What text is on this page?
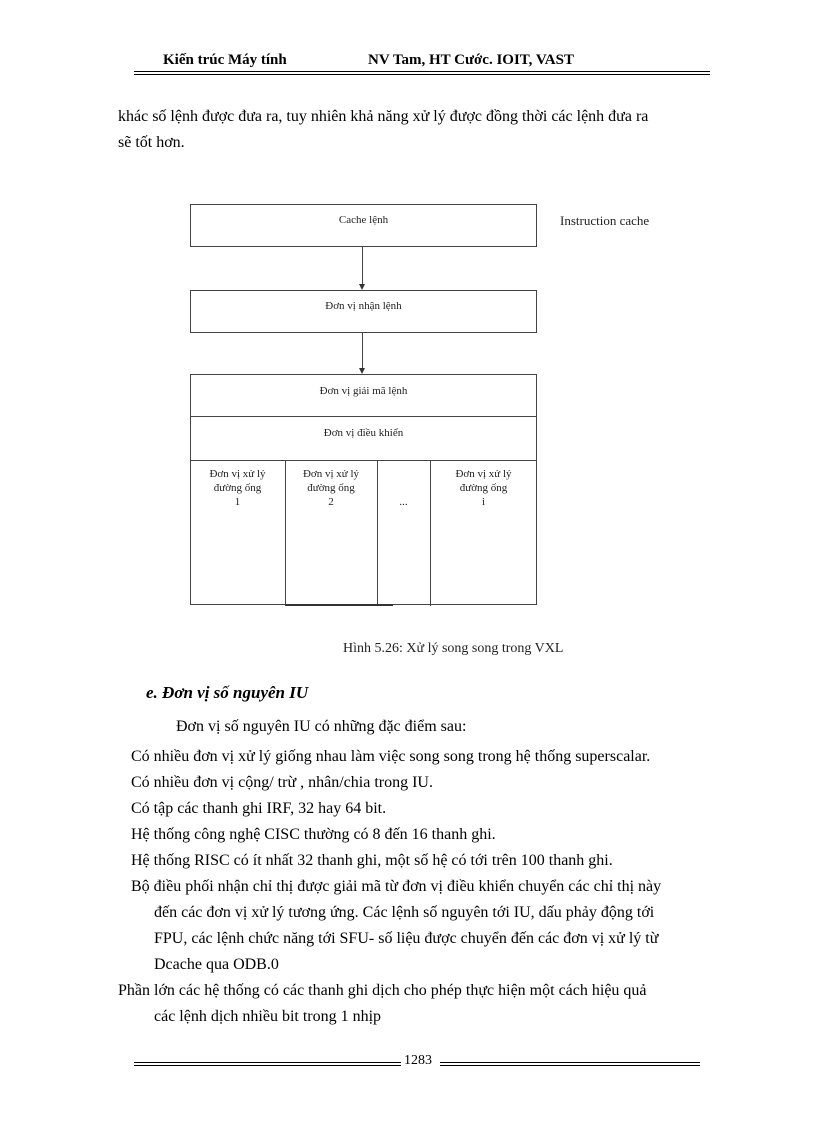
Kiến trúc Máy tính	NV Tam, HT Cước. IOIT, VAST
khác số lệnh được đưa ra, tuy nhiên khả năng xử lý được đồng thời các lệnh đưa ra
sẽ tốt hơn.
Cache lệnh	Instruction cache
Đơn vị nhận lệnh
Đơn vị giải mã lệnh
Đơn vị điều khiển
Đơn vị xử lý
đường ống
1
Đơn vị xử lý
đường ống
2

	...
Đơn vị xử lý
đường ống
i
Hình 5.26: Xử lý song song trong VXL
e. Đơn vị số nguyên IU
Đơn vị số nguyên IU có những đặc điểm sau:
Có nhiều đơn vị xử lý giống nhau làm việc song song trong hệ thống superscalar.
Có nhiều đơn vị cộng/ trừ , nhân/chia trong IU.
Có tập các thanh ghi IRF, 32 hay 64 bit.
Hệ thống công nghệ CISC thường có 8 đến 16 thanh ghi.
Hệ thống RISC có ít nhất 32 thanh ghi, một số hệ có tới trên 100 thanh ghi.
Bộ điều phối nhận chỉ thị được giải mã từ đơn vị điều khiển chuyển các chỉ thị này
đến các đơn vị xử lý tương ứng. Các lệnh số nguyên tới IU, dấu phảy động tới
FPU, các lệnh chức năng tới SFU- số liệu được chuyển đến các đơn vị xử lý từ
Dcache qua ODB.0
Phần lớn các hệ thống có các thanh ghi dịch cho phép thực hiện một cách hiệu quả
các lệnh dịch nhiều bit trong 1 nhịp
1283
